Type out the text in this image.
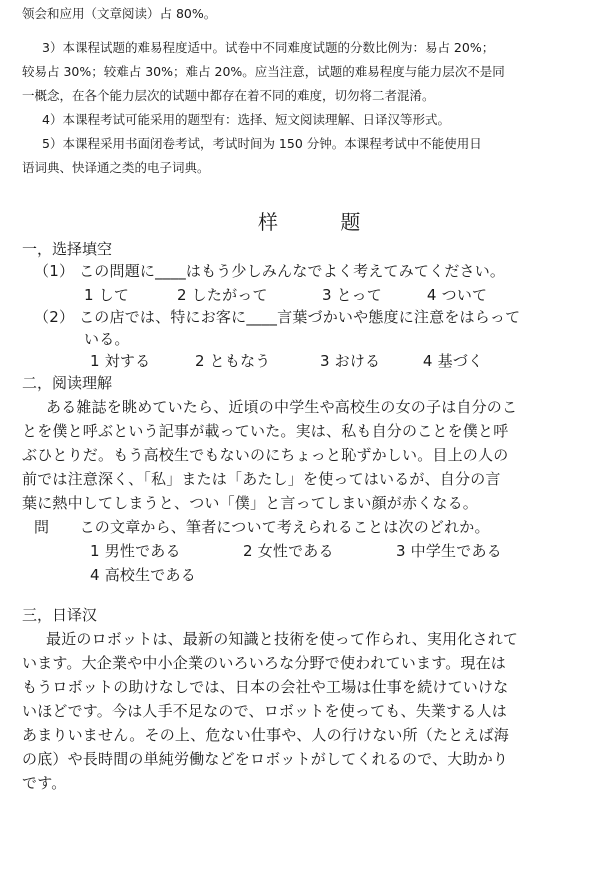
领会和应用（文章阅读）占 80%。
3）本课程试题的难易程度适中。试卷中不同难度试题的分数比例为：易占 20%；
较易占 30%；较难占 30%；难占 20%。应当注意，试题的难易程度与能力层次不是同
一概念，在各个能力层次的试题中都存在着不同的难度，切勿将二者混淆。
4）本课程考试可能采用的题型有：选择、短文阅读理解、日译汉等形式。
5）本课程采用书面闭卷考试，考试时间为 150 分钟。本课程考试中不能使用日
语词典、快译通之类的电子词典。
样 题
一，选择填空
（1） この問題に____はもう少しみんなでよく考えてみてください。
1 して	2 したがって	3 とって	4 ついて
（2） この店では、特にお客に____言葉づかいや態度に注意をはらって
いる。
1 対する	2 ともなう	3 おける	4 基づく
二，阅读理解
ある雑誌を眺めていたら、近頃の中学生や高校生の女の子は自分のこ
とを僕と呼ぶという記事が載っていた。実は、私も自分のことを僕と呼
ぶひとりだ。もう高校生でもないのにちょっと恥ずかしい。目上の人の
前では注意深く、「私」または「あたし」を使ってはいるが、自分の言
葉に熱中してしまうと、つい「僕」と言ってしまい顔が赤くなる。
問　　この文章から、筆者について考えられることは次のどれか。
1 男性である	2 女性である	3 中学生である
4 高校生である
三，日译汉
最近のロボットは、最新の知識と技術を使って作られ、実用化されて
います。大企業や中小企業のいろいろな分野で使われています。現在は
もうロボットの助けなしでは、日本の会社や工場は仕事を続けていけな
いほどです。今は人手不足なので、ロボットを使っても、失業する人は
あまりいません。その上、危ない仕事や、人の行けない所（たとえば海
の底）や長時間の単純労働などをロボットがしてくれるので、大助かり
です。
